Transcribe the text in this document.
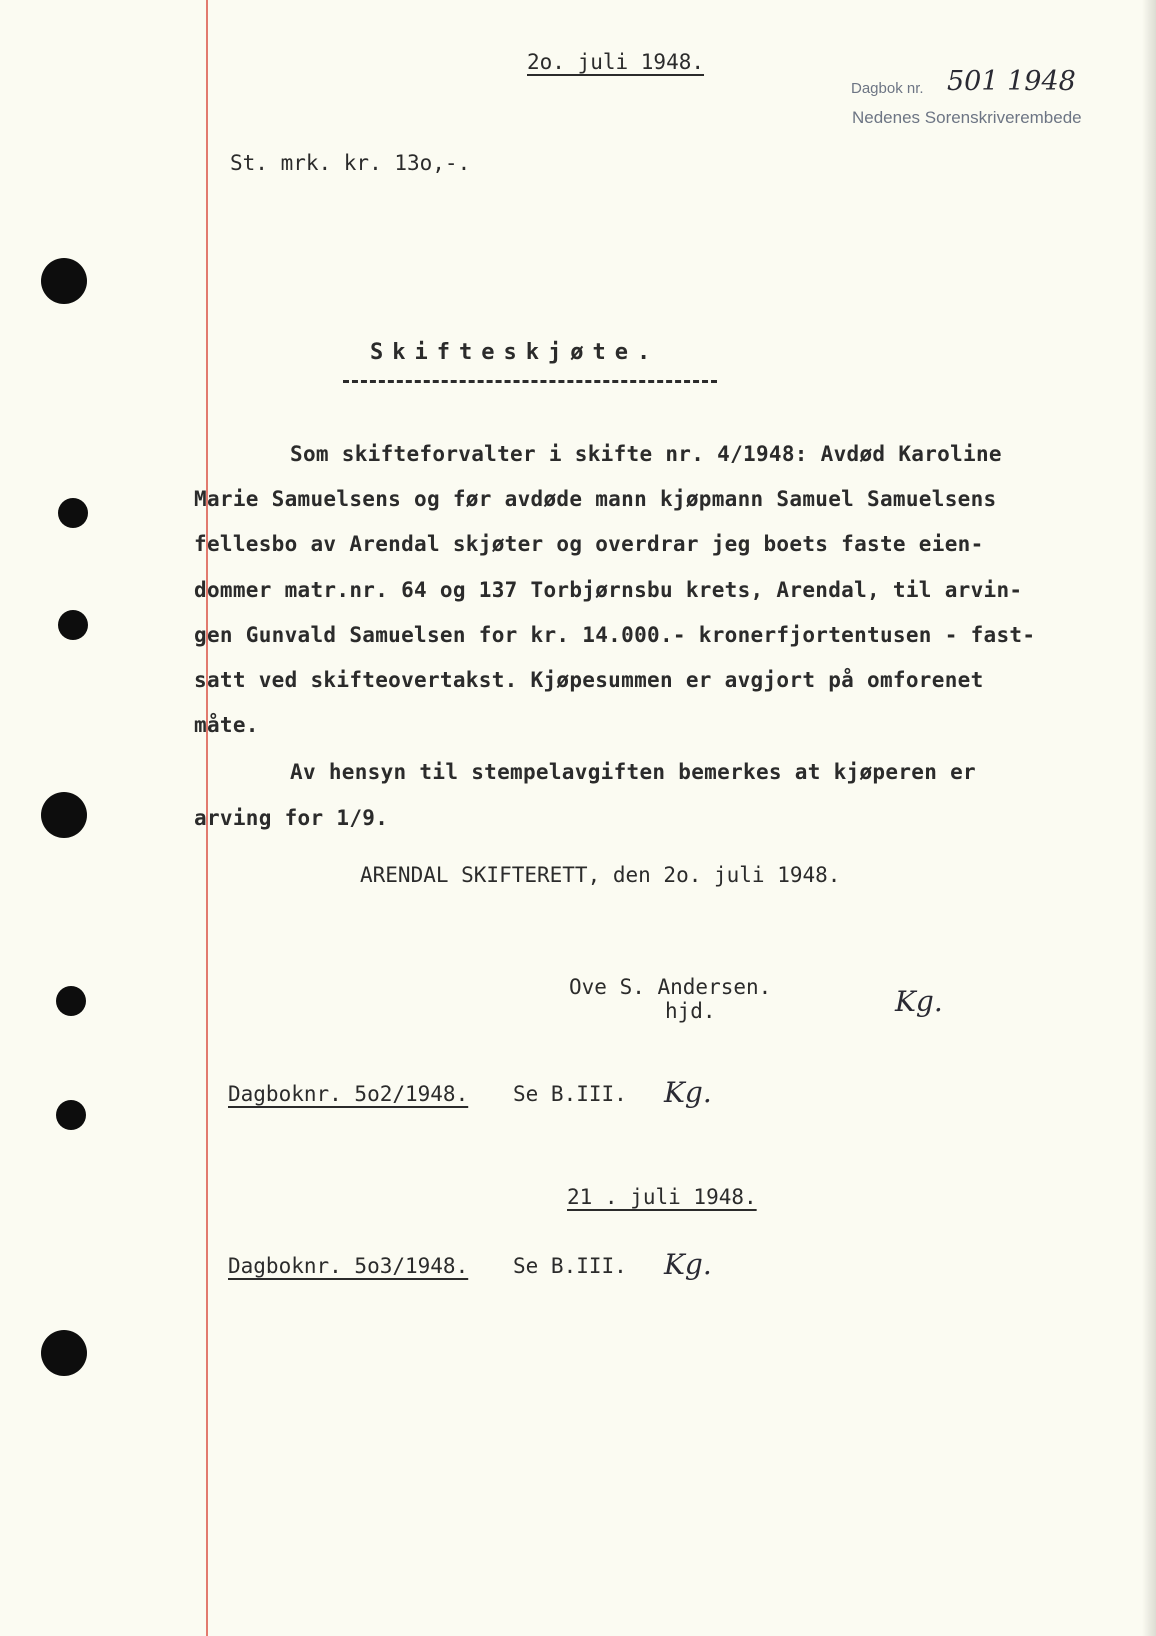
2o. juli 1948.
Dagbok nr. 501 1948
Nedenes Sorenskriverembede
St. mrk. kr. 13o,-.
Skifteskjøte.
Som skifteforvalter i skifte nr. 4/1948: Avdød Karoline
Marie Samuelsens og før avdøde mann kjøpmann Samuel Samuelsens
fellesbo av Arendal skjøter og overdrar jeg boets faste eien-
dommer matr.nr. 64 og 137 Torbjørnsbu krets, Arendal, til arvin-
gen Gunvald Samuelsen for kr. 14.000.- kronerfjortentusen - fast-
satt ved skifteovertakst. Kjøpesummen er avgjort på omforenet
måte.
Av hensyn til stempelavgiften bemerkes at kjøperen er
arving for 1/9.
ARENDAL SKIFTERETT, den 2o. juli 1948.
Ove S. Andersen.
hjd.	Kg.
Dagboknr. 5o2/1948. Se B.III. Kg.
21 . juli 1948.
Dagboknr. 5o3/1948. Se B.III. Kg.
